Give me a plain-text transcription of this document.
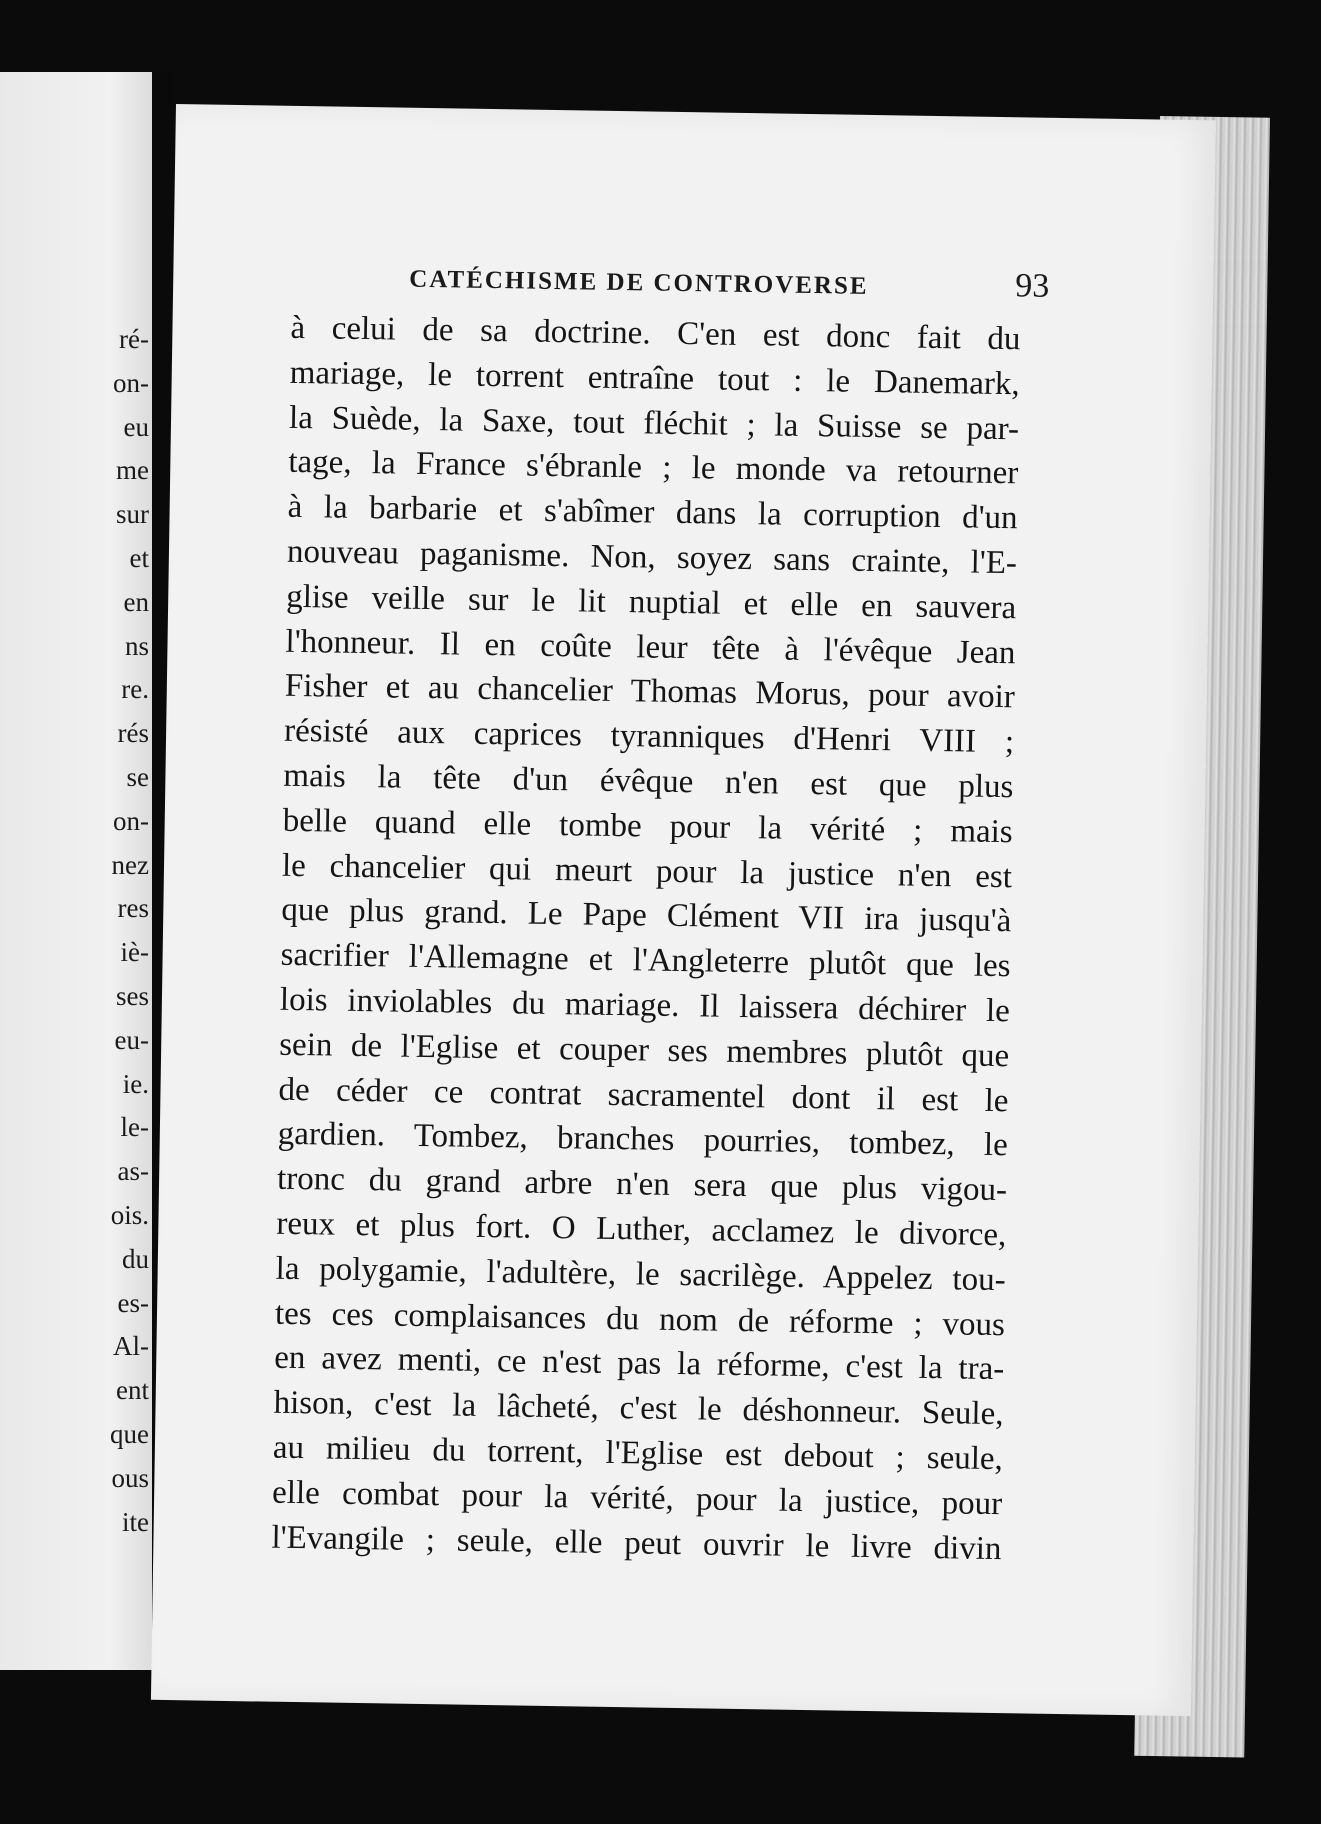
ré-
on-
eu
me
sur
et
en
ns
re.
rés
se
on-
nez
res
iè-
ses
eu-
ie.
le-
as-
ois.
du
es-
Al-
ent
que
ous
ite
CATÉCHISME DE CONTROVERSE	93
à celui de sa doctrine. C'en est donc fait du
mariage, le torrent entraîne tout : le Danemark,
la Suède, la Saxe, tout fléchit ; la Suisse se par-
tage, la France s'ébranle ; le monde va retourner
à la barbarie et s'abîmer dans la corruption d'un
nouveau paganisme. Non, soyez sans crainte, l'E-
glise veille sur le lit nuptial et elle en sauvera
l'honneur. Il en coûte leur tête à l'évêque Jean
Fisher et au chancelier Thomas Morus, pour avoir
résisté aux caprices tyranniques d'Henri VIII ;
mais la tête d'un évêque n'en est que plus
belle quand elle tombe pour la vérité ; mais
le chancelier qui meurt pour la justice n'en est
que plus grand. Le Pape Clément VII ira jusqu'à
sacrifier l'Allemagne et l'Angleterre plutôt que les
lois inviolables du mariage. Il laissera déchirer le
sein de l'Eglise et couper ses membres plutôt que
de céder ce contrat sacramentel dont il est le
gardien. Tombez, branches pourries, tombez, le
tronc du grand arbre n'en sera que plus vigou-
reux et plus fort. O Luther, acclamez le divorce,
la polygamie, l'adultère, le sacrilège. Appelez tou-
tes ces complaisances du nom de réforme ; vous
en avez menti, ce n'est pas la réforme, c'est la tra-
hison, c'est la lâcheté, c'est le déshonneur. Seule,
au milieu du torrent, l'Eglise est debout ; seule,
elle combat pour la vérité, pour la justice, pour
l'Evangile ; seule, elle peut ouvrir le livre divin
